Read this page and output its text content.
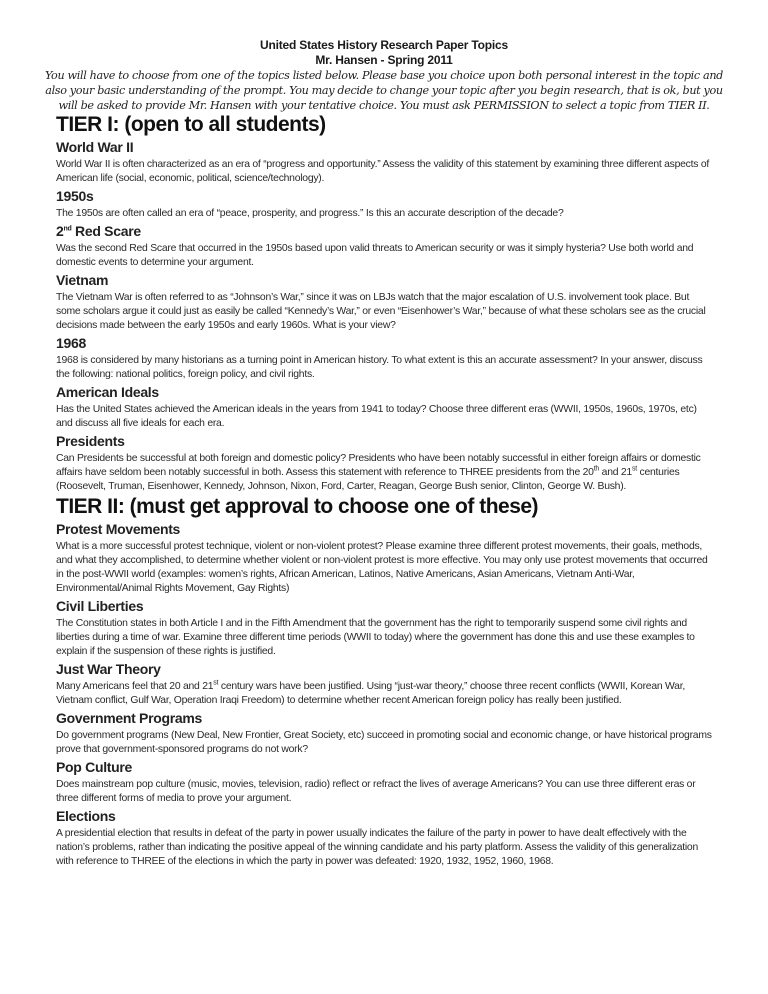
United States History Research Paper Topics

Mr. Hansen - Spring 2011

You will have to choose from one of the topics listed below. Please base you choice upon both personal interest in the topic and also your basic understanding of the prompt. You may decide to change your topic after you begin research, that is ok, but you will be asked to provide Mr. Hansen with your tentative choice. You must ask PERMISSION to select a topic from TIER II.

TIER I: (open to all students)
World War II

World War II is often characterized as an era of “progress and opportunity.” Assess the validity of this statement by examining three different aspects of American life (social, economic, political, science/technology).

1950s

The 1950s are often called an era of “peace, prosperity, and progress.” Is this an accurate description of the decade?

2nd Red Scare

Was the second Red Scare that occurred in the 1950s based upon valid threats to American security or was it simply hysteria? Use both world and domestic events to determine your argument.

Vietnam

The Vietnam War is often referred to as “Johnson’s War,” since it was on LBJs watch that the major escalation of U.S. involvement took place. But some scholars argue it could just as easily be called “Kennedy’s War,” or even “Eisenhower’s War,” because of what these scholars see as the crucial decisions made between the early 1950s and early 1960s. What is your view?

1968

1968 is considered by many historians as a turning point in American history. To what extent is this an accurate assessment? In your answer, discuss the following: national politics, foreign policy, and civil rights.

American Ideals

Has the United States achieved the American ideals in the years from 1941 to today? Choose three different eras (WWII, 1950s, 1960s, 1970s, etc) and discuss all five ideals for each era.

Presidents

Can Presidents be successful at both foreign and domestic policy? Presidents who have been notably successful in either foreign affairs or domestic affairs have seldom been notably successful in both. Assess this statement with reference to THREE presidents from the 20th and 21st centuries (Roosevelt, Truman, Eisenhower, Kennedy, Johnson, Nixon, Ford, Carter, Reagan, George Bush senior, Clinton, George W. Bush).

TIER II: (must get approval to choose one of these)
Protest Movements

What is a more successful protest technique, violent or non-violent protest? Please examine three different protest movements, their goals, methods, and what they accomplished, to determine whether violent or non-violent protest is more effective. You may only use protest movements that occurred in the post-WWII world (examples: women’s rights, African American, Latinos, Native Americans, Asian Americans, Vietnam Anti-War, Environmental/Animal Rights Movement, Gay Rights)

Civil Liberties

The Constitution states in both Article I and in the Fifth Amendment that the government has the right to temporarily suspend some civil rights and liberties during a time of war. Examine three different time periods (WWII to today) where the government has done this and use these examples to explain if the suspension of these rights is justified.

Just War Theory

Many Americans feel that 20 and 21st century wars have been justified. Using “just-war theory,” choose three recent conflicts (WWII, Korean War, Vietnam conflict, Gulf War, Operation Iraqi Freedom) to determine whether recent American foreign policy has really been justified.

Government Programs

Do government programs (New Deal, New Frontier, Great Society, etc) succeed in promoting social and economic change, or have historical programs prove that government-sponsored programs do not work?

Pop Culture

Does mainstream pop culture (music, movies, television, radio) reflect or refract the lives of average Americans? You can use three different eras or three different forms of media to prove your argument.

Elections

A presidential election that results in defeat of the party in power usually indicates the failure of the party in power to have dealt effectively with the nation’s problems, rather than indicating the positive appeal of the winning candidate and his party platform. Assess the validity of this generalization with reference to THREE of the elections in which the party in power was defeated: 1920, 1932, 1952, 1960, 1968.
